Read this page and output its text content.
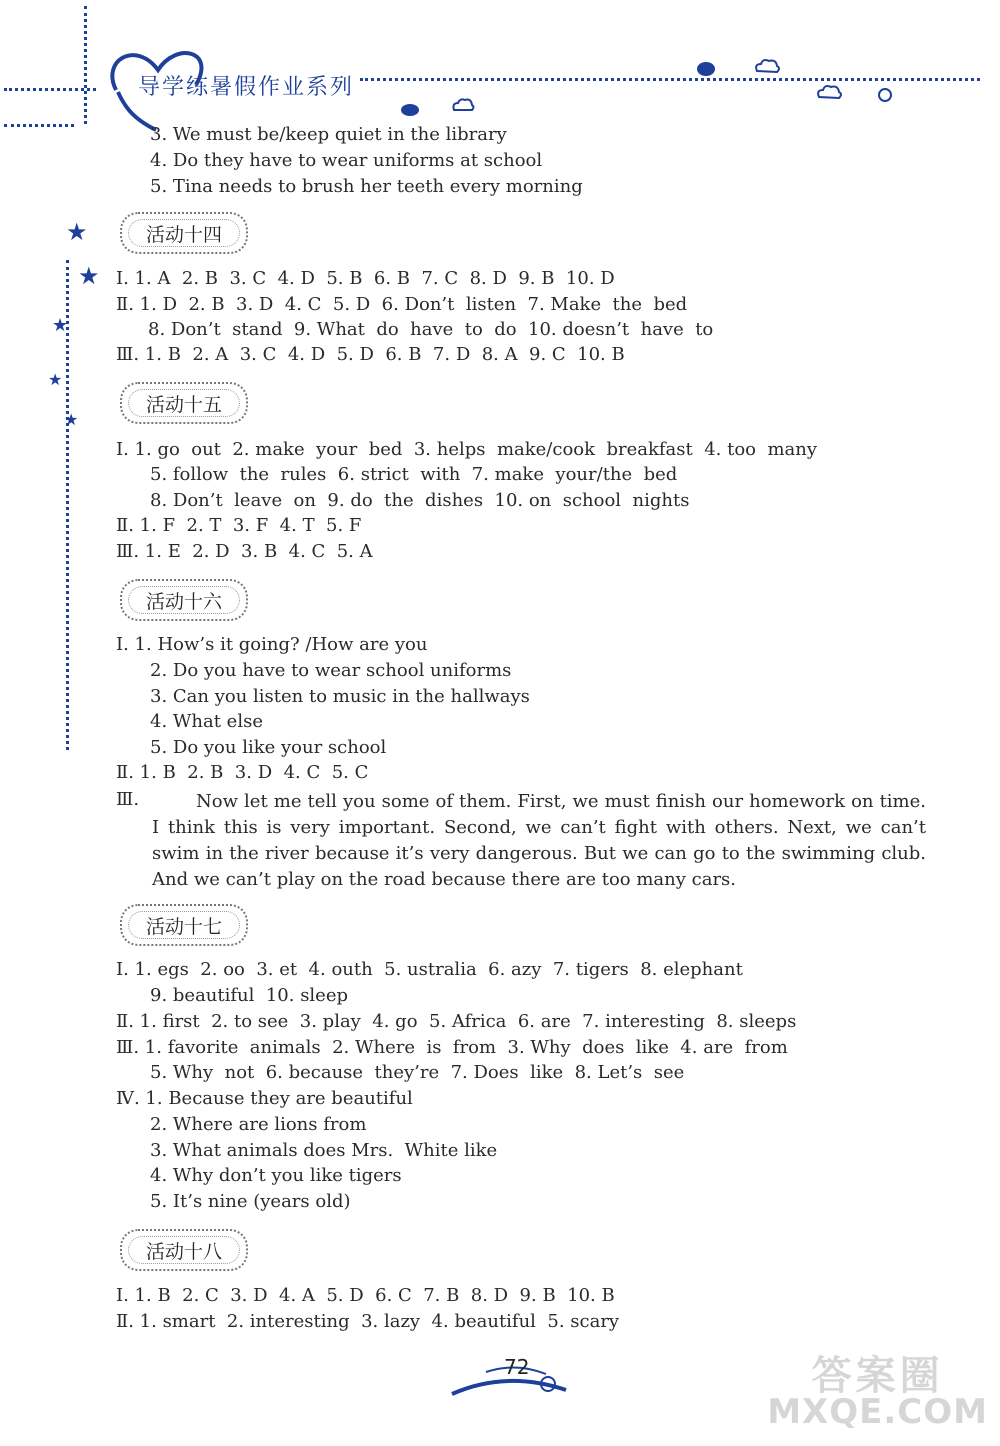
导学练暑假作业系列
★
★
★
★
★
3. We must be/keep quiet in the library
4. Do they have to wear uniforms at school
5. Tina needs to brush her teeth every morning
活动十四
Ⅰ. 1. A  2. B  3. C  4. D  5. B  6. B  7. C  8. D  9. B  10. D
Ⅱ. 1. D  2. B  3. D  4. C  5. D  6. Don’t  listen  7. Make  the  bed
8. Don’t  stand  9. What  do  have  to  do  10. doesn’t  have  to
Ⅲ. 1. B  2. A  3. C  4. D  5. D  6. B  7. D  8. A  9. C  10. B
活动十五
Ⅰ. 1. go  out  2. make  your  bed  3. helps  make/cook  breakfast  4. too  many
5. follow  the  rules  6. strict  with  7. make  your/the  bed
8. Don’t  leave  on  9. do  the  dishes  10. on  school  nights
Ⅱ. 1. F  2. T  3. F  4. T  5. F
Ⅲ. 1. E  2. D  3. B  4. C  5. A
活动十六
Ⅰ. 1. How’s it going? /How are you
2. Do you have to wear school uniforms
3. Can you listen to music in the hallways
4. What else
5. Do you like your school
Ⅱ. 1. B  2. B  3. D  4. C  5. C
Ⅲ.	Now let me tell you some of them. First, we must finish our homework on time. I think this is very important. Second, we can’t fight with others. Next, we can’t swim in the river because it’s very dangerous. But we can go to the swimming club. And we can’t play on the road because there are too many cars.
活动十七
Ⅰ. 1. egs  2. oo  3. et  4. outh  5. ustralia  6. azy  7. tigers  8. elephant
9. beautiful  10. sleep
Ⅱ. 1. first  2. to see  3. play  4. go  5. Africa  6. are  7. interesting  8. sleeps
Ⅲ. 1. favorite  animals  2. Where  is  from  3. Why  does  like  4. are  from
5. Why  not  6. because  they’re  7. Does  like  8. Let’s  see
Ⅳ. 1. Because they are beautiful
2. Where are lions from
3. What animals does Mrs.  White like
4. Why don’t you like tigers
5. It’s nine (years old)
活动十八
Ⅰ. 1. B  2. C  3. D  4. A  5. D  6. C  7. B  8. D  9. B  10. B
Ⅱ. 1. smart  2. interesting  3. lazy  4. beautiful  5. scary
72	答案圈
MXQE.COM
